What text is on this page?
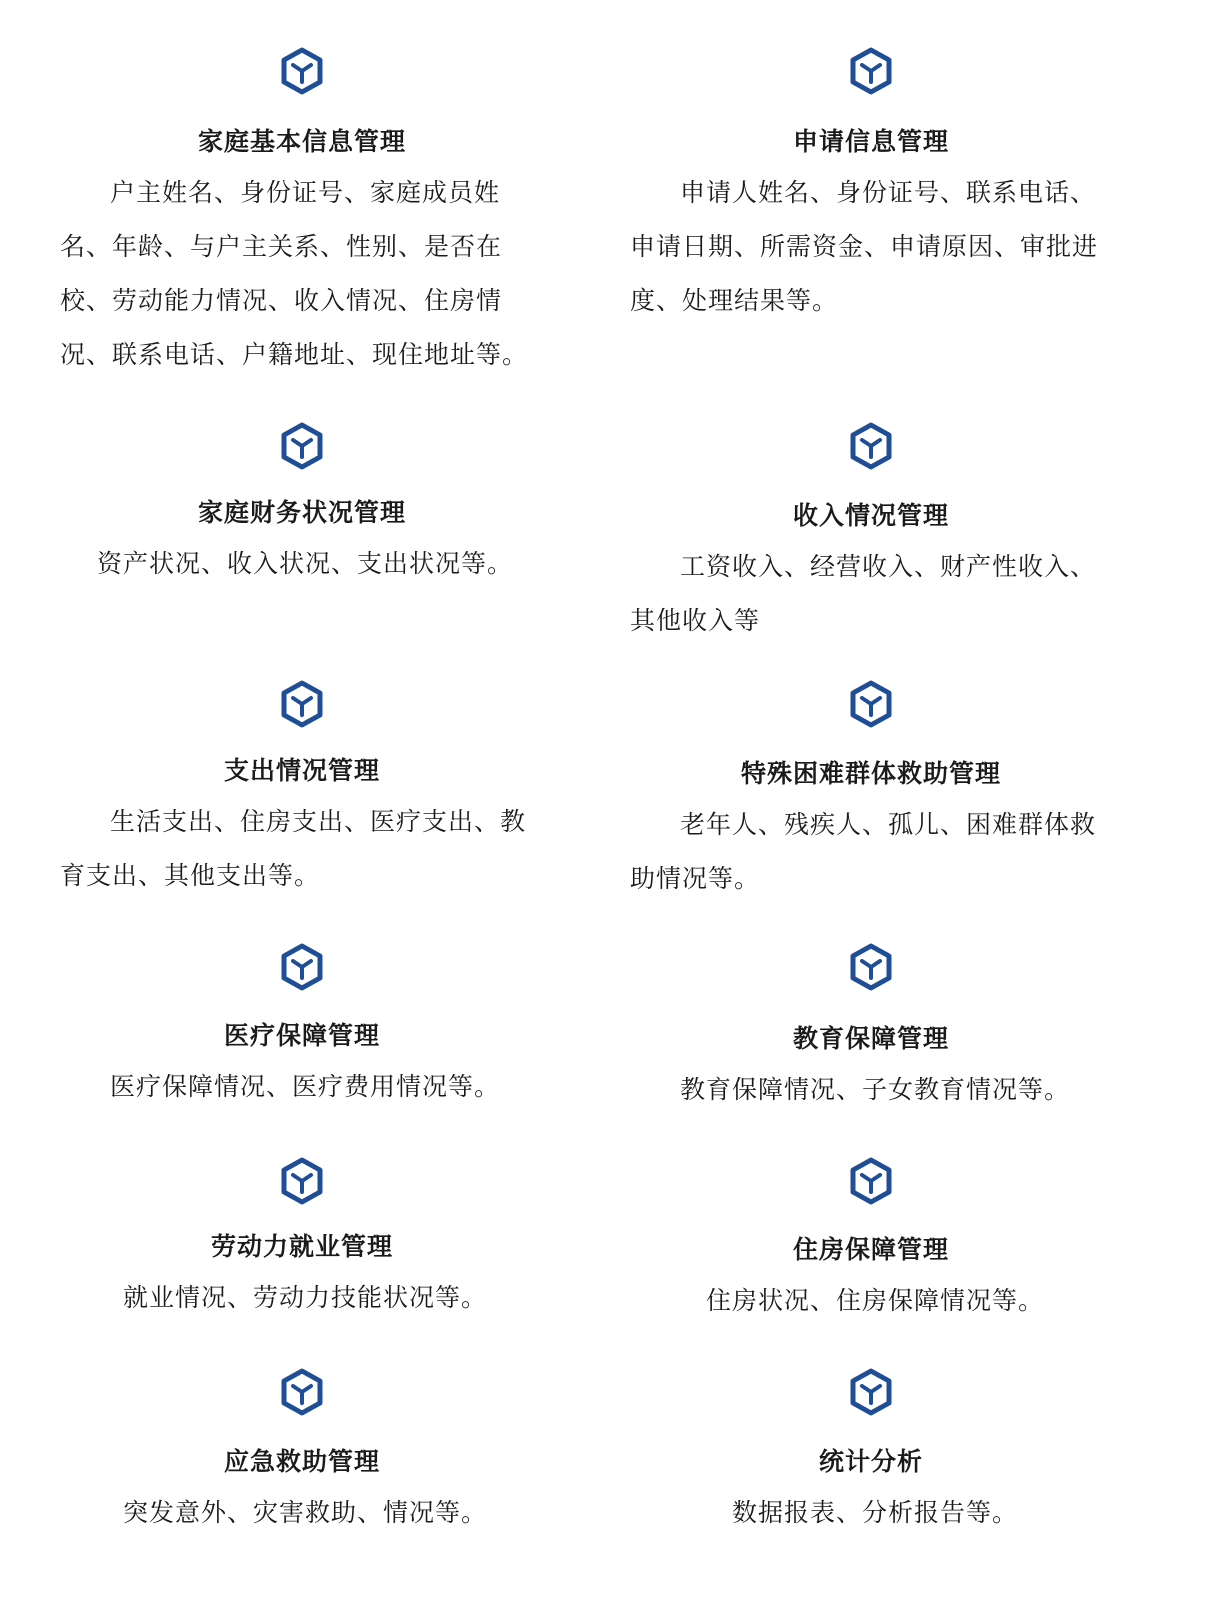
家庭基本信息管理
户主姓名、身份证号、家庭成员姓名、年龄、与户主关系、性别、是否在校、劳动能力情况、收入情况、住房情况、联系电话、户籍地址、现住地址等。
家庭财务状况管理
资产状况、收入状况、支出状况等。
支出情况管理
生活支出、住房支出、医疗支出、教育支出、其他支出等。
医疗保障管理
医疗保障情况、医疗费用情况等。
劳动力就业管理
就业情况、劳动力技能状况等。
应急救助管理
突发意外、灾害救助、情况等。
申请信息管理
申请人姓名、身份证号、联系电话、申请日期、所需资金、申请原因、审批进度、处理结果等。
收入情况管理
工资收入、经营收入、财产性收入、其他收入等
特殊困难群体救助管理
老年人、残疾人、孤儿、困难群体救助情况等。
教育保障管理
教育保障情况、子女教育情况等。
住房保障管理
住房状况、住房保障情况等。
统计分析
数据报表、分析报告等。
